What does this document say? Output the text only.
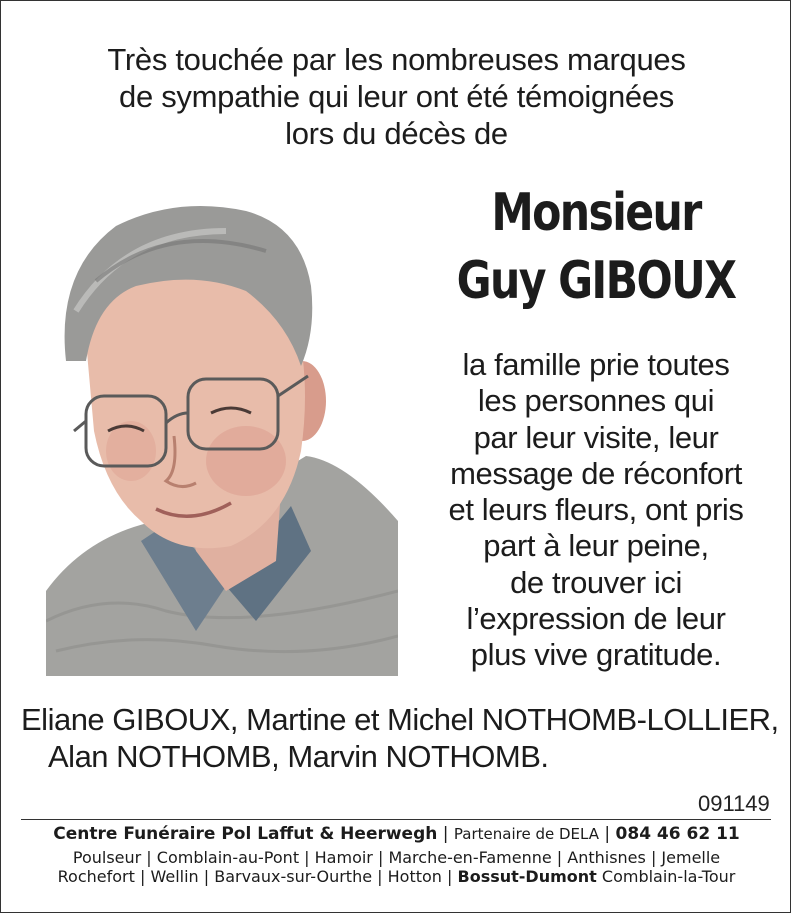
Très touchée par les nombreuses marques
de sympathie qui leur ont été témoignées
lors du décès de
Monsieur
Guy GIBOUX
la famille prie toutes
les personnes qui
par leur visite, leur
message de réconfort
et leurs fleurs, ont pris
part à leur peine,
de trouver ici
l’expression de leur
plus vive gratitude.
Eliane GIBOUX, Martine et Michel NOTHOMB-LOLLIER,
Alan NOTHOMB, Marvin NOTHOMB.
091149
Centre Funéraire Pol Laffut & Heerwegh | Partenaire de DELA | 084 46 62 11
Poulseur | Comblain-au-Pont | Hamoir | Marche-en-Famenne | Anthisnes | Jemelle
Rochefort | Wellin | Barvaux-sur-Ourthe | Hotton | Bossut-Dumont Comblain-la-Tour
